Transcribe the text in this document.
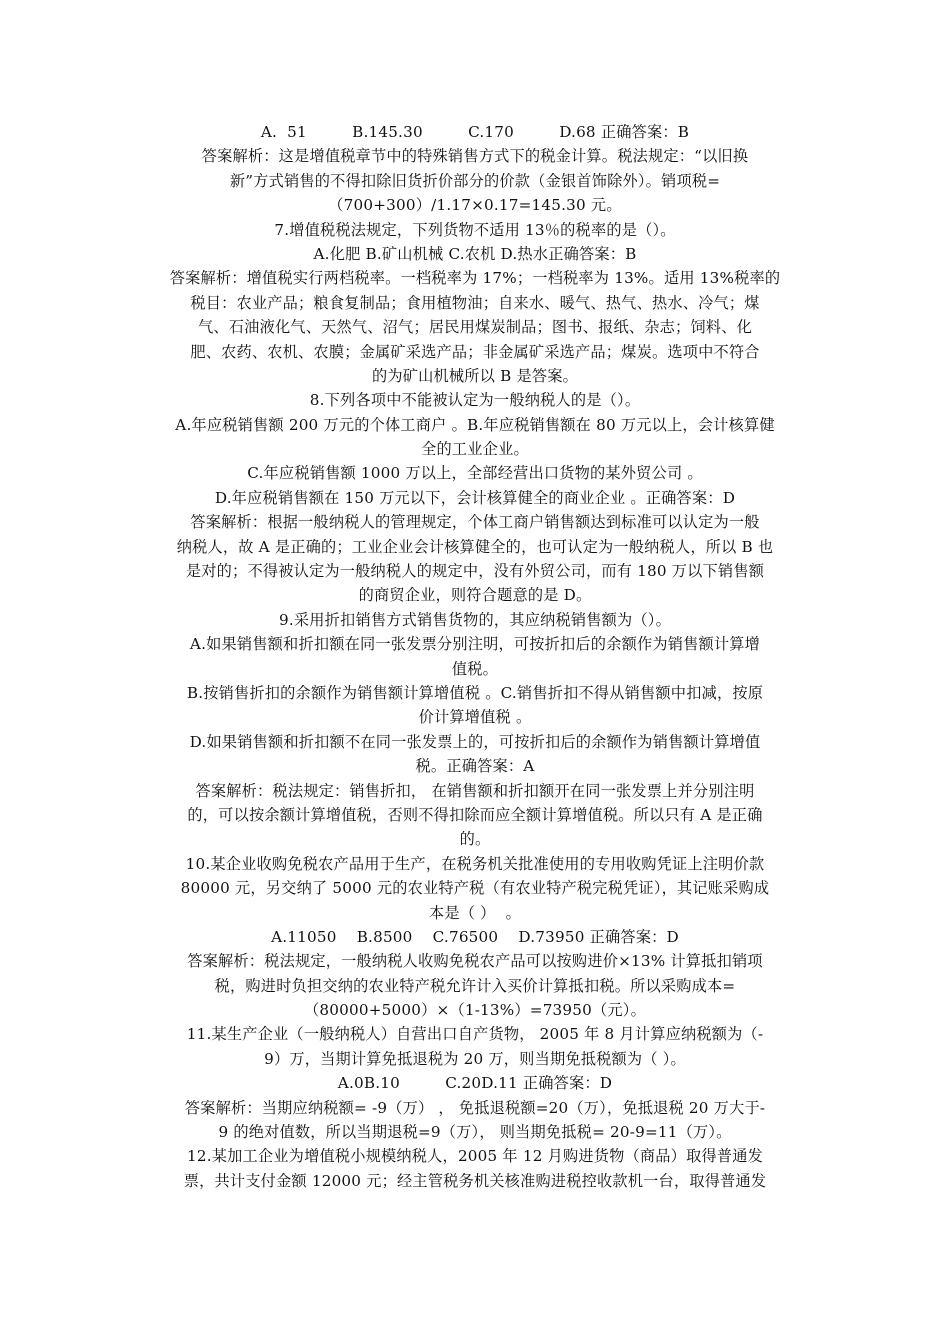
A.  51         B.145.30         C.170         D.68 正确答案：B
答案解析：这是增值税章节中的特殊销售方式下的税金计算。税法规定：“以旧换
新”方式销售的不得扣除旧货折价部分的价款（金银首饰除外）。销项税=
（700+300）/1.17×0.17=145.30 元。
7.增值税税法规定，下列货物不适用 13％的税率的是（）。
A.化肥 B.矿山机械 C.农机 D.热水正确答案：B
答案解析：增值税实行两档税率。一档税率为 17%；一档税率为 13%。适用 13%税率的
税目：农业产品；粮食复制品；食用植物油；自来水、暖气、热气、热水、冷气；煤
气、石油液化气、天然气、沼气；居民用煤炭制品；图书、报纸、杂志；饲料、化
肥、农药、农机、农膜；金属矿采选产品；非金属矿采选产品；煤炭。选项中不符合
的为矿山机械所以 B 是答案。
8.下列各项中不能被认定为一般纳税人的是（）。
A.年应税销售额 200 万元的个体工商户 。B.年应税销售额在 80 万元以上，会计核算健
全的工业企业。
C.年应税销售额 1000 万以上，全部经营出口货物的某外贸公司 。
D.年应税销售额在 150 万元以下，会计核算健全的商业企业 。正确答案：D
答案解析：根据一般纳税人的管理规定，个体工商户销售额达到标准可以认定为一般
纳税人，故 A 是正确的；工业企业会计核算健全的，也可认定为一般纳税人，所以 B 也
是对的；不得被认定为一般纳税人的规定中，没有外贸公司，而有 180 万以下销售额
的商贸企业，则符合题意的是 D。
9.采用折扣销售方式销售货物的，其应纳税销售额为（）。
A.如果销售额和折扣额在同一张发票分别注明，可按折扣后的余额作为销售额计算增
值税。
B.按销售折扣的余额作为销售额计算增值税 。C.销售折扣不得从销售额中扣减，按原
价计算增值税 。
D.如果销售额和折扣额不在同一张发票上的，可按折扣后的余额作为销售额计算增值
税。正确答案：A
答案解析：税法规定：销售折扣， 在销售额和折扣额开在同一张发票上并分别注明
的，可以按余额计算增值税，否则不得扣除而应全额计算增值税。所以只有 A 是正确
的。
10.某企业收购免税农产品用于生产，在税务机关批准使用的专用收购凭证上注明价款
80000 元，另交纳了 5000 元的农业特产税（有农业特产税完税凭证），其记账采购成
本是（ ）  。
A.11050    B.8500    C.76500    D.73950 正确答案：D
答案解析：税法规定，一般纳税人收购免税农产品可以按购进价×13% 计算抵扣销项
税，购进时负担交纳的农业特产税允许计入买价计算抵扣税。所以采购成本=
（80000+5000）×（1-13%）=73950（元）。
11.某生产企业（一般纳税人）自营出口自产货物， 2005 年 8 月计算应纳税额为（-
9）万，当期计算免抵退税为 20 万，则当期免抵税额为（ ）。
A.0B.10         C.20D.11 正确答案：D
答案解析：当期应纳税额= -9（万） ， 免抵退税额=20（万），免抵退税 20 万大于-
9 的绝对值数，所以当期退税=9（万）， 则当期免抵税= 20-9=11（万）。
12.某加工企业为增值税小规模纳税人，2005 年 12 月购进货物（商品）取得普通发
票，共计支付金额 12000 元；经主管税务机关核准购进税控收款机一台，取得普通发
